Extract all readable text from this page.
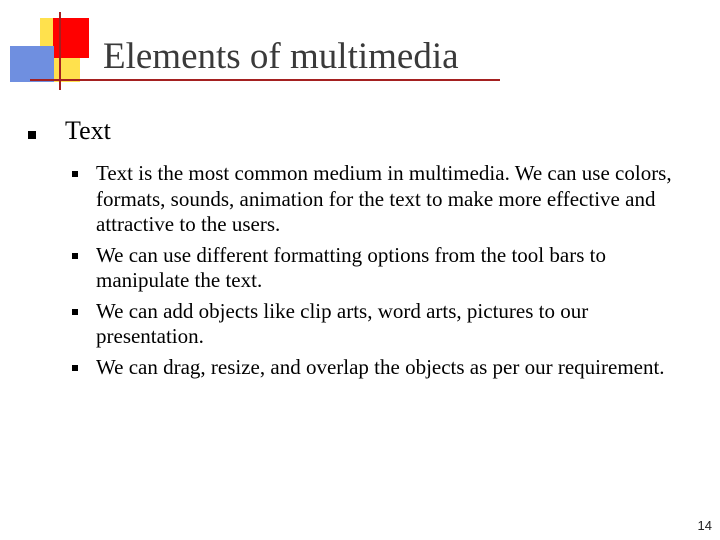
Elements of multimedia
Text
Text is the most common medium in multimedia. We can use colors, formats, sounds, animation for the text to make more effective and attractive to the users.
We can use different formatting options from the tool bars to manipulate the text.
We can add objects like clip arts, word arts, pictures to our presentation.
We can drag, resize, and overlap the objects as per our requirement.
14
